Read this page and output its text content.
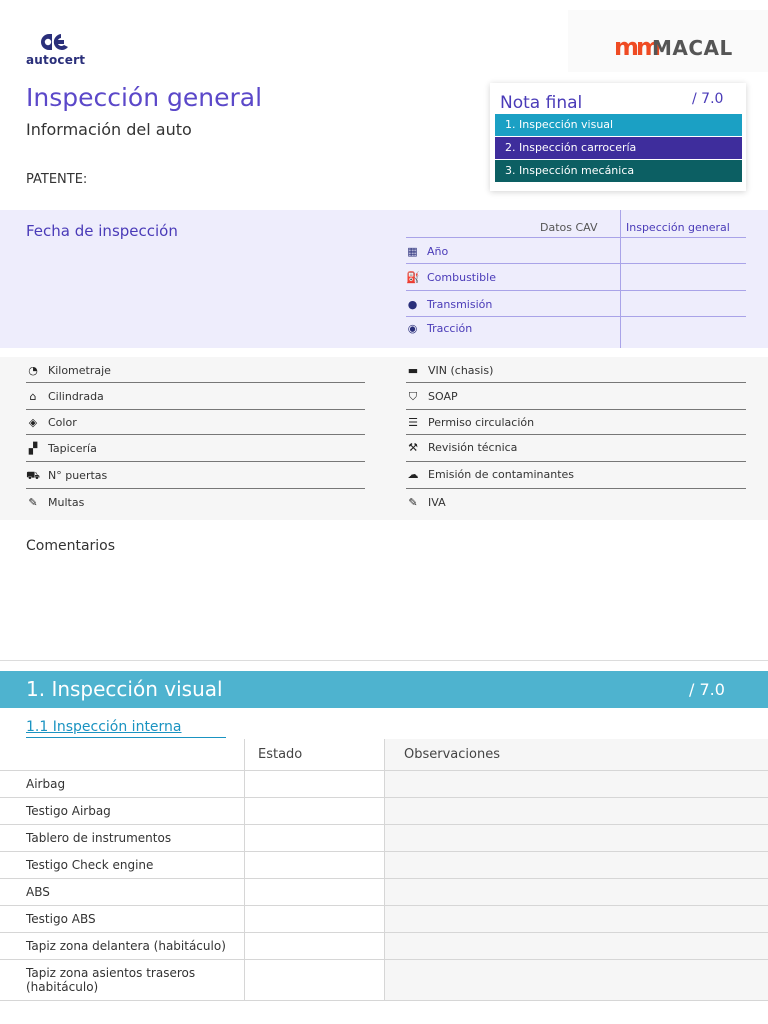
autocert	ⅿⅿ
MACAL
Inspección general
Información del auto
PATENTE:
Nota final	/ 7.0
1. Inspección visual
2. Inspección carrocería
3. Inspección mecánica
Fecha de inspección	Datos CAV	Inspección general
▦ Año
⛽ Combustible
● Transmisión
◉ Tracción
◔ Kilometraje
⌂ Cilindrada
◈ Color
▞ Tapicería
⛟ N° puertas
✎ Multas
▬ VIN (chasis)
⛉ SOAP
☰ Permiso circulación
⚒ Revisión técnica
☁ Emisión de contaminantes
✎ IVA
Comentarios
1. Inspección visual	/ 7.0
1.1 Inspección interna
	Estado	Observaciones
Airbag		
Testigo Airbag		
Tablero de instrumentos		
Testigo Check engine		
ABS		
Testigo ABS		
Tapiz zona delantera (habitáculo)		
Tapiz zona asientos traseros (habitáculo)		
